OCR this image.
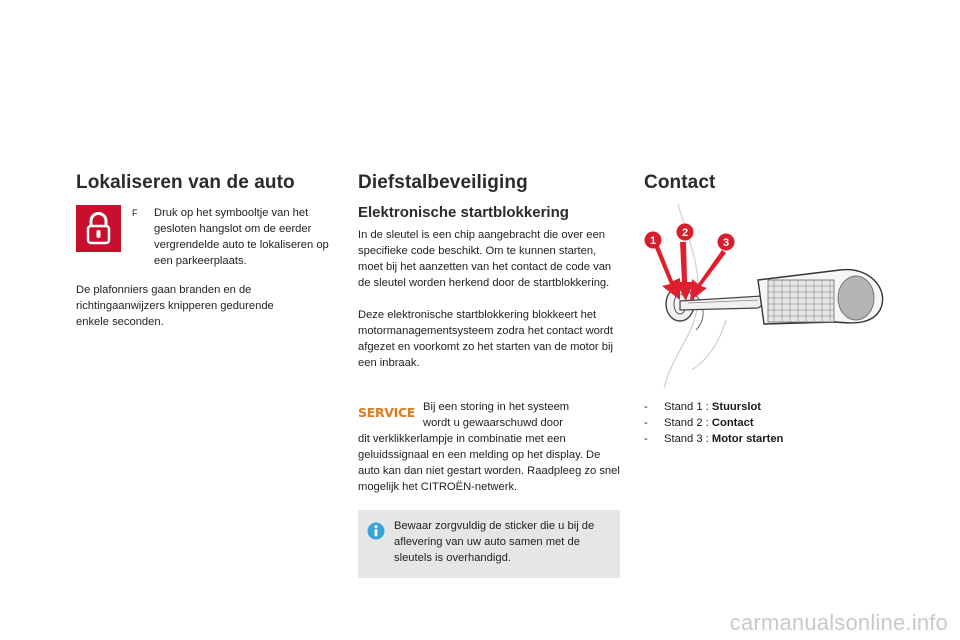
Lokaliseren van de auto
F Druk op het symbooltje van het gesloten hangslot om de eerder vergrendelde auto te lokaliseren op een parkeerplaats.

De plafonniers gaan branden en de richtingaanwijzers knipperen gedurende enkele seconden.

Diefstalbeveiliging
Elektronische startblokkering

In de sleutel is een chip aangebracht die over een specifieke code beschikt. Om te kunnen starten, moet bij het aanzetten van het contact de code van de sleutel worden herkend door de startblokkering.

Deze elektronische startblokkering blokkeert het motormanagementsysteem zodra het contact wordt afgezet en voorkomt zo het starten van de motor bij een inbraak.

SERVICE Bij een storing in het systeem

wordt u gewaarschuwd door

dit verklikkerlampje in combinatie met een geluidssignaal en een melding op het display. De auto kan dan niet gestart worden. Raadpleeg zo snel mogelijk het CITROËN-netwerk.

Bewaar zorgvuldig de sticker die u bij de aflevering van uw auto samen met de sleutels is overhandigd.

Contact
1
2
3
-	Stand 1 : Stuurslot
-	Stand 2 : Contact
-	Stand 3 : Motor starten
carmanualsonline.info
